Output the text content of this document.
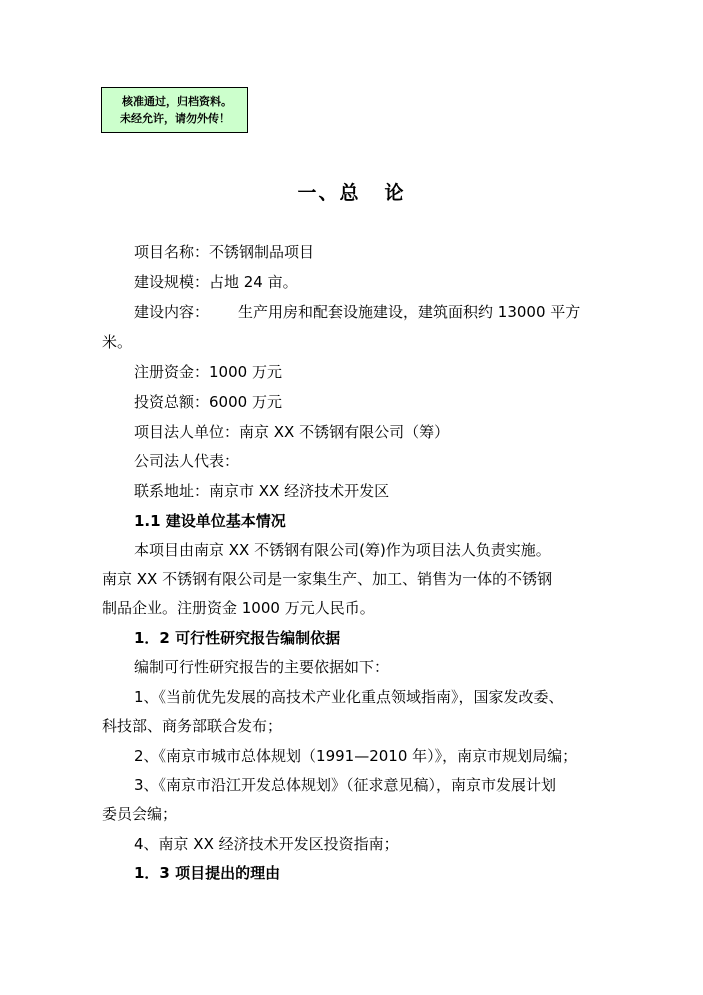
核准通过，归档资料。
未经允许，请勿外传！
一、总 论
项目名称：不锈钢制品项目
建设规模：占地 24 亩。
建设内容： 生产用房和配套设施建设，建筑面积约 13000 平方
米。
注册资金：1000 万元
投资总额：6000 万元
项目法人单位：南京 XX 不锈钢有限公司（筹）
公司法人代表：
联系地址：南京市 XX 经济技术开发区
1.1 建设单位基本情况
本项目由南京 XX 不锈钢有限公司(筹)作为项目法人负责实施。
南京 XX 不锈钢有限公司是一家集生产、加工、销售为一体的不锈钢
制品企业。注册资金 1000 万元人民币。
1．2 可行性研究报告编制依据
编制可行性研究报告的主要依据如下：
1、《当前优先发展的高技术产业化重点领域指南》，国家发改委、
科技部、商务部联合发布；
2、《南京市城市总体规划（1991—2010 年）》，南京市规划局编；
3、《南京市沿江开发总体规划》（征求意见稿），南京市发展计划
委员会编；
4、南京 XX 经济技术开发区投资指南；
1．3 项目提出的理由
